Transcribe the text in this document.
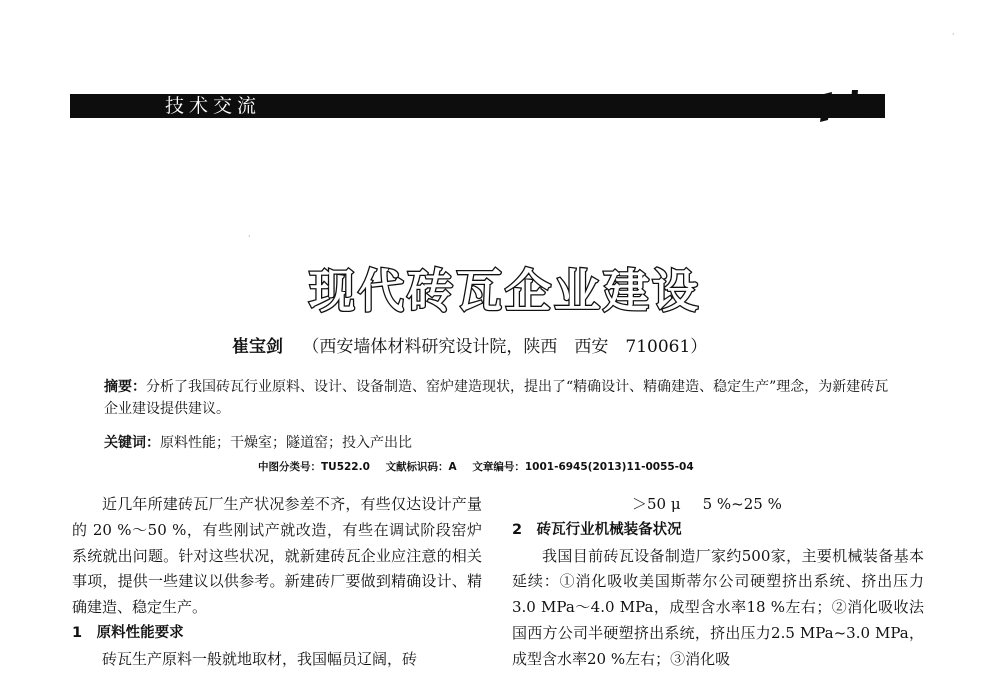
技术交流
·
·
现代砖瓦企业建设
崔宝剑 （西安墙体材料研究设计院，陕西　西安　710061）
摘要：分析了我国砖瓦行业原料、设计、设备制造、窑炉建造现状，提出了“精确设计、精确建造、稳定生产”理念，为新建砖瓦企业建设提供建议。
关键词：原料性能；干燥室；隧道窑；投入产出比
中图分类号：TU522.0 文献标识码：A 文章编号：1001-6945(2013)11-0055-04

近几年所建砖瓦厂生产状况参差不齐，有些仅达设计产量的 20 %～50 %，有些刚试产就改造，有些在调试阶段窑炉系统就出问题。针对这些状况，就新建砖瓦企业应注意的相关事项，提供一些建议以供参考。新建砖厂要做到精确设计、精确建造、稳定生产。

1　原料性能要求

砖瓦生产原料一般就地取材，我国幅员辽阔，砖

＞50 μ 5 %~25 %

2　砖瓦行业机械装备状况

我国目前砖瓦设备制造厂家约500家，主要机械装备基本延续：①消化吸收美国斯蒂尔公司硬塑挤出系统、挤出压力3.0 MPa～4.0 MPa，成型含水率18 %左右；②消化吸收法国西方公司半硬塑挤出系统，挤出压力2.5 MPa~3.0 MPa，成型含水率20 %左右；③消化吸
